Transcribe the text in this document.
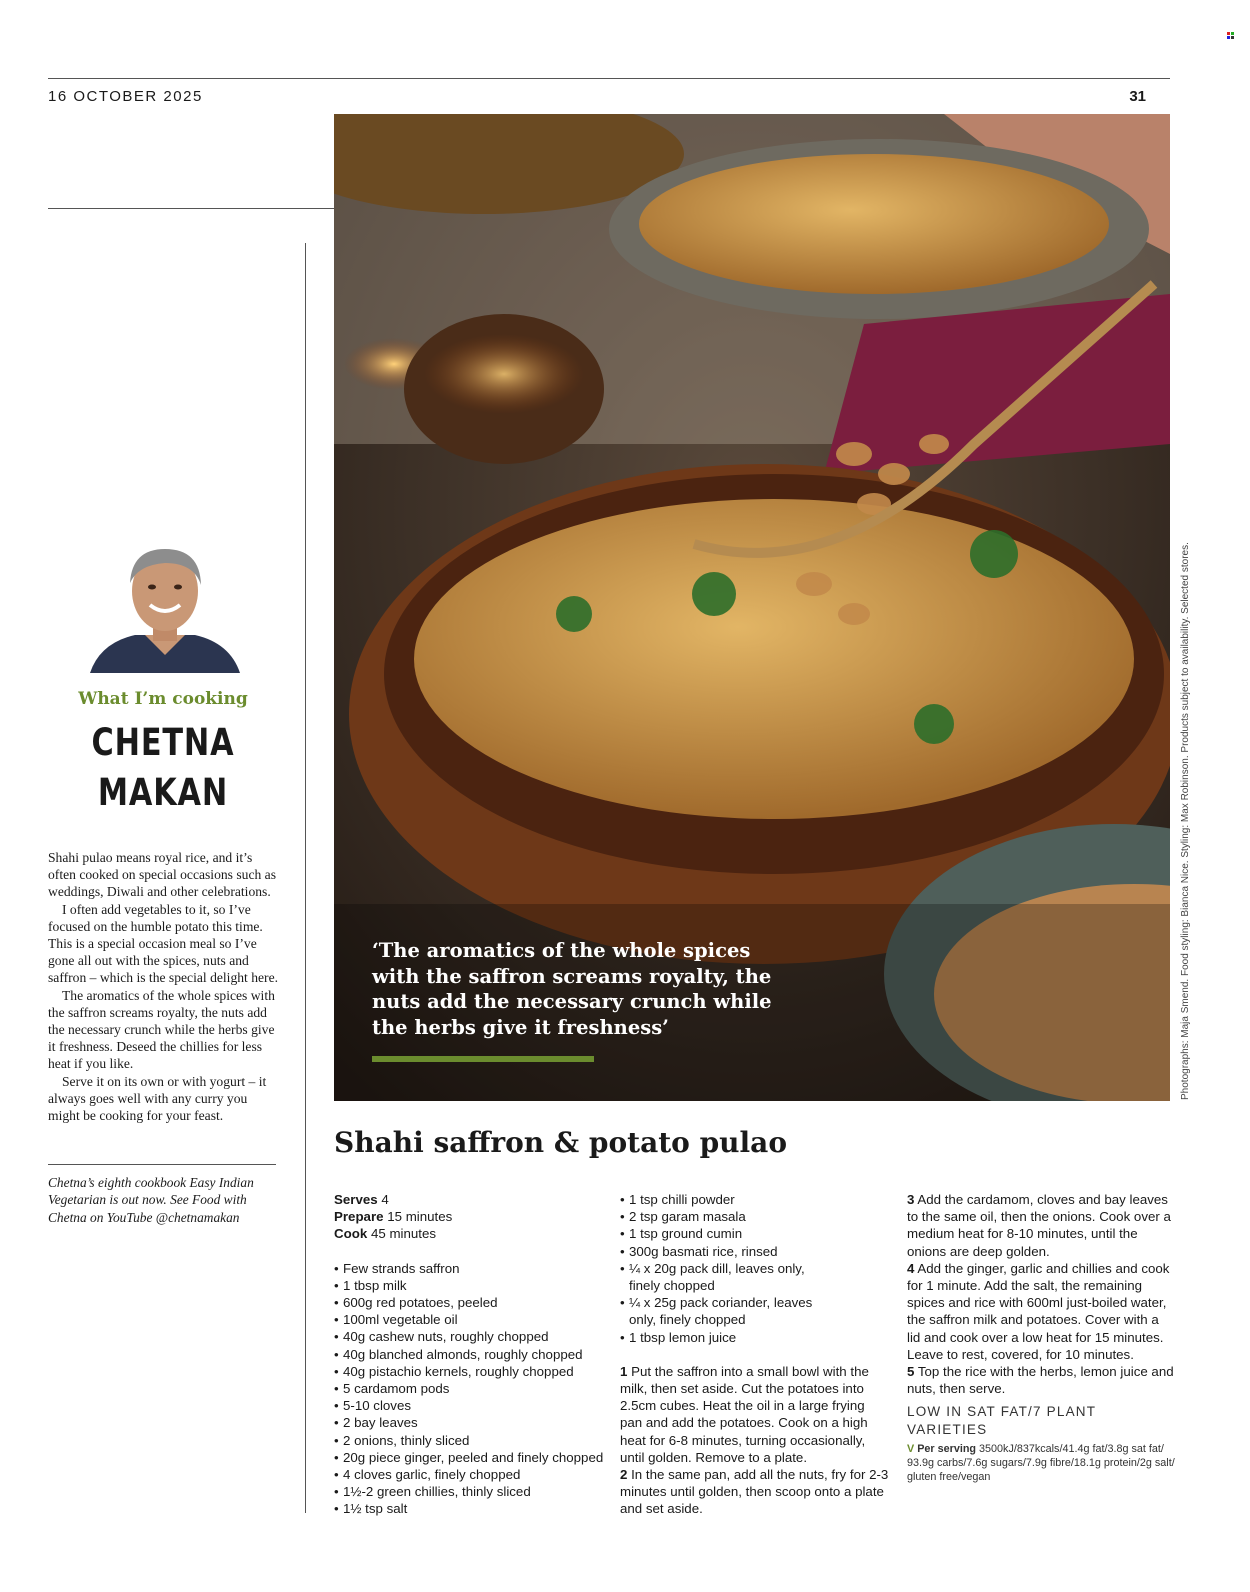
16 OCTOBER 2025	31
What I’m cooking
CHETNA
MAKAN

Shahi pulao means royal rice, and it’s often cooked on special occasions such as weddings, Diwali and other celebrations.

I often add vegetables to it, so I’ve focused on the humble potato this time. This is a special occasion meal so I’ve gone all out with the spices, nuts and saffron – which is the special delight here.

The aromatics of the whole spices with the saffron screams royalty, the nuts add the necessary crunch while the herbs give it freshness. Deseed the chillies for less heat if you like.

Serve it on its own or with yogurt – it always goes well with any curry you might be cooking for your feast.

Chetna’s eighth cookbook Easy Indian Vegetarian is out now. See Food with Chetna on YouTube @chetnamakan
‘The aromatics of the whole spices with the saffron screams royalty, the nuts add the necessary crunch while the herbs give it freshness’	Photographs: Maja Smend. Food styling: Bianca Nice. Styling: Max Robinson. Products subject to availability. Selected stores.
Shahi saffron & potato pulao
Serves 4
Prepare 15 minutes
Cook 45 minutes
• Few strands saffron
• 1 tbsp milk
• 600g red potatoes, peeled
• 100ml vegetable oil
• 40g cashew nuts, roughly chopped
• 40g blanched almonds, roughly chopped
• 40g pistachio kernels, roughly chopped
• 5 cardamom pods
• 5-10 cloves
• 2 bay leaves
• 2 onions, thinly sliced
• 20g piece ginger, peeled and finely chopped
• 4 cloves garlic, finely chopped
• 1½-2 green chillies, thinly sliced
• 1½ tsp salt
• 1 tsp chilli powder
• 2 tsp garam masala
• 1 tsp ground cumin
• 300g basmati rice, rinsed
• ¼ x 20g pack dill, leaves only,
finely chopped
• ¼ x 25g pack coriander, leaves
only, finely chopped
• 1 tbsp lemon juice

1 Put the saffron into a small bowl with the milk, then set aside. Cut the potatoes into 2.5cm cubes. Heat the oil in a large frying pan and add the potatoes. Cook on a high heat for 6-8 minutes, turning occasionally, until golden. Remove to a plate.

2 In the same pan, add all the nuts, fry for 2-3 minutes until golden, then scoop onto a plate and set aside.

3 Add the cardamom, cloves and bay leaves to the same oil, then the onions. Cook over a medium heat for 8-10 minutes, until the onions are deep golden.

4 Add the ginger, garlic and chillies and cook for 1 minute. Add the salt, the remaining spices and rice with 600ml just-boiled water, the saffron milk and potatoes. Cover with a lid and cook over a low heat for 15 minutes. Leave to rest, covered, for 10 minutes.

5 Top the rice with the herbs, lemon juice and nuts, then serve.

LOW IN SAT FAT/7 PLANT VARIETIES
V Per serving 3500kJ/837kcals/41.4g fat/3.8g sat fat/ 93.9g carbs/7.6g sugars/7.9g fibre/18.1g protein/2g salt/ gluten free/vegan
